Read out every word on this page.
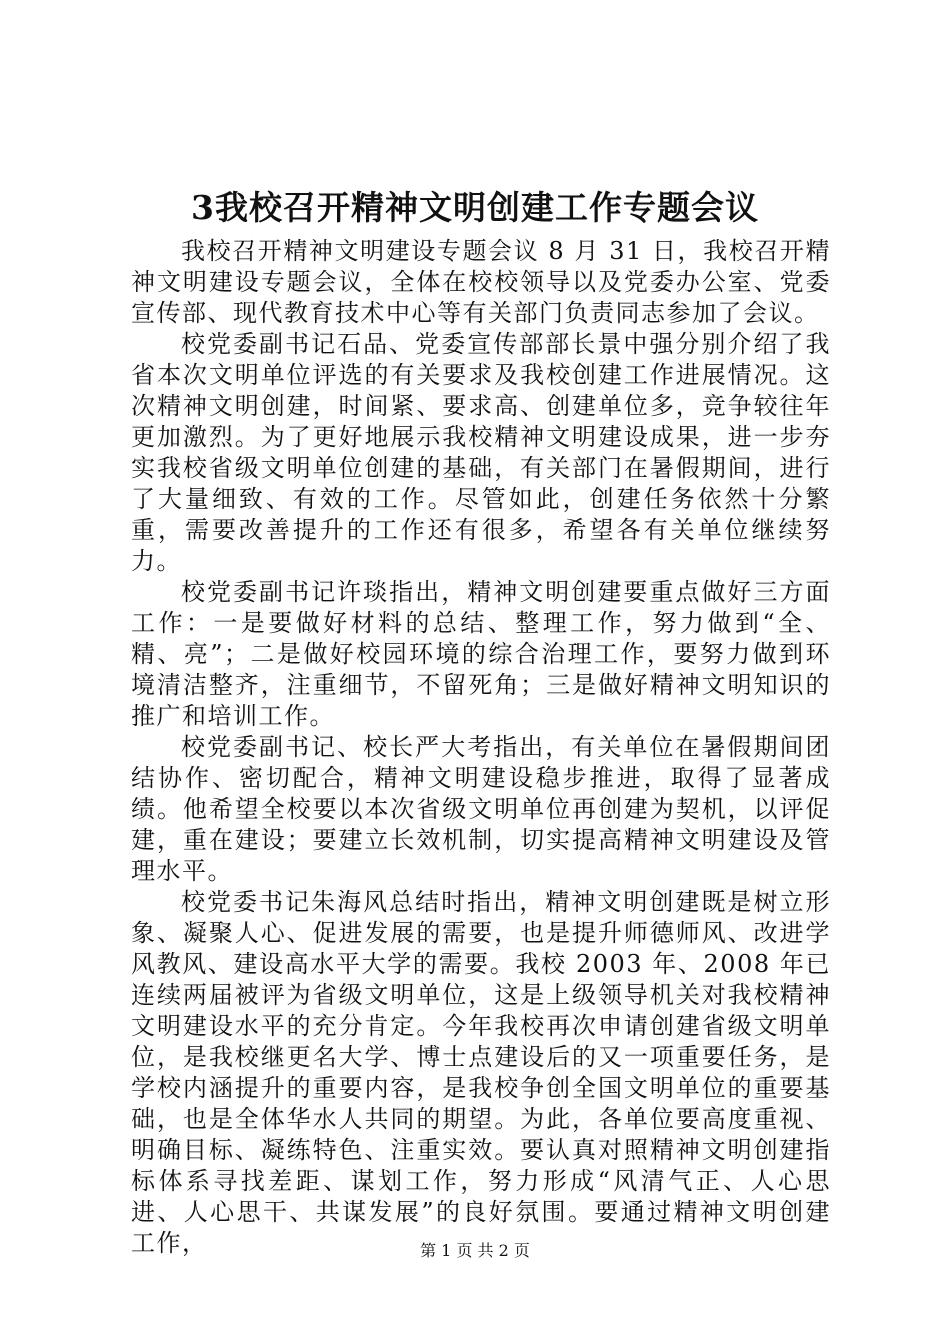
3我校召开精神文明创建工作专题会议

我校召开精神文明建设专题会议 8 月 31 日，我校召开精神文明建设专题会议，全体在校校领导以及党委办公室、党委宣传部、现代教育技术中心等有关部门负责同志参加了会议。

校党委副书记石品、党委宣传部部长景中强分别介绍了我省本次文明单位评选的有关要求及我校创建工作进展情况。这次精神文明创建，时间紧、要求高、创建单位多，竞争较往年更加激烈。为了更好地展示我校精神文明建设成果，进一步夯实我校省级文明单位创建的基础，有关部门在暑假期间，进行了大量细致、有效的工作。尽管如此，创建任务依然十分繁重，需要改善提升的工作还有很多，希望各有关单位继续努力。

校党委副书记许琰指出，精神文明创建要重点做好三方面工作：一是要做好材料的总结、整理工作，努力做到“全、精、亮”；二是做好校园环境的综合治理工作，要努力做到环境清洁整齐，注重细节，不留死角；三是做好精神文明知识的推广和培训工作。

校党委副书记、校长严大考指出，有关单位在暑假期间团结协作、密切配合，精神文明建设稳步推进，取得了显著成绩。他希望全校要以本次省级文明单位再创建为契机，以评促建，重在建设；要建立长效机制，切实提高精神文明建设及管理水平。

校党委书记朱海风总结时指出，精神文明创建既是树立形象、凝聚人心、促进发展的需要，也是提升师德师风、改进学风教风、建设高水平大学的需要。我校 2003 年、2008 年已连续两届被评为省级文明单位，这是上级领导机关对我校精神文明建设水平的充分肯定。今年我校再次申请创建省级文明单位，是我校继更名大学、博士点建设后的又一项重要任务，是学校内涵提升的重要内容，是我校争创全国文明单位的重要基础，也是全体华水人共同的期望。为此，各单位要高度重视、明确目标、凝练特色、注重实效。要认真对照精神文明创建指标体系寻找差距、谋划工作，努力形成“风清气正、人心思进、人心思干、共谋发展”的良好氛围。要通过精神文明创建工作，	第 1 页 共 2 页
